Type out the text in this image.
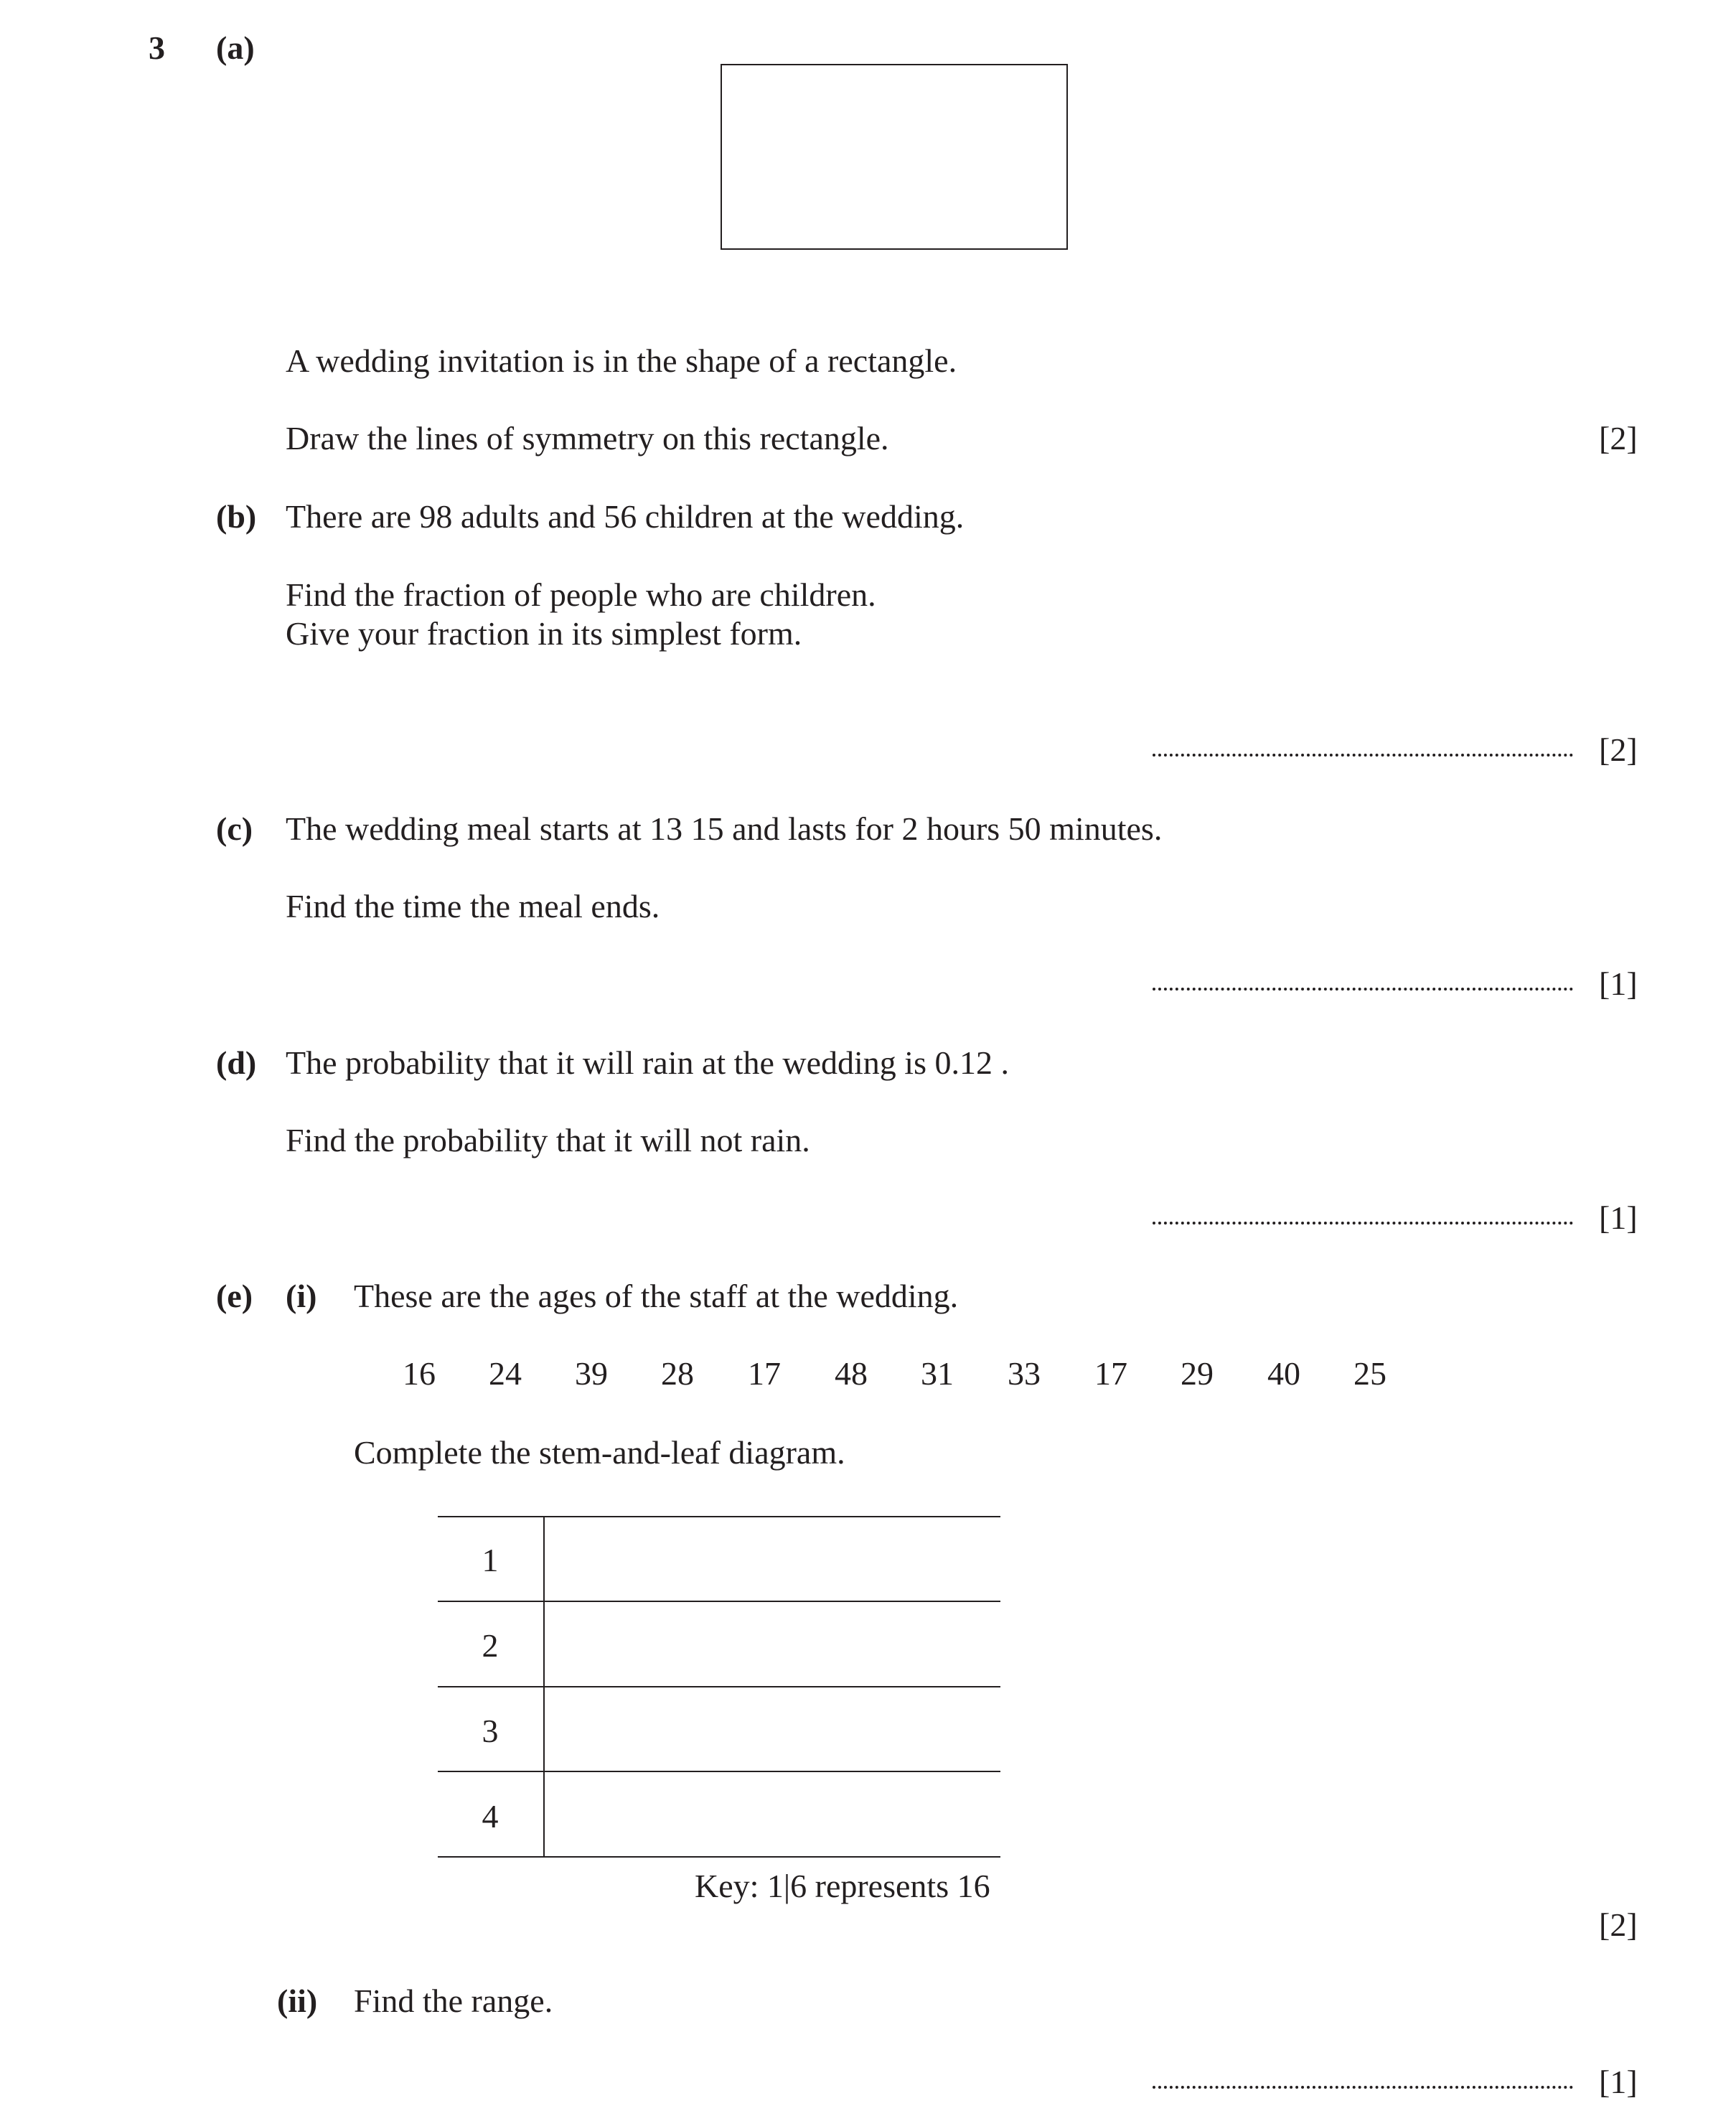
3 (a)
A wedding invitation is in the shape of a rectangle.
Draw the lines of symmetry on this rectangle.	[2]
(b) There are 98 adults and 56 children at the wedding.
Find the fraction of people who are children.
Give your fraction in its simplest form.
[2]
(c) The wedding meal starts at 13 15 and lasts for 2 hours 50 minutes.
Find the time the meal ends.
[1]
(d) The probability that it will rain at the wedding is 0.12 .
Find the probability that it will not rain.
[1]
(e) (i) These are the ages of the staff at the wedding.
16	24	39	28	17	48	31	33	17	29	40	25
Complete the stem-and-leaf diagram.
1
2
3
4
Key: 1|6 represents 16
[2]
(ii) Find the range.
[1]
